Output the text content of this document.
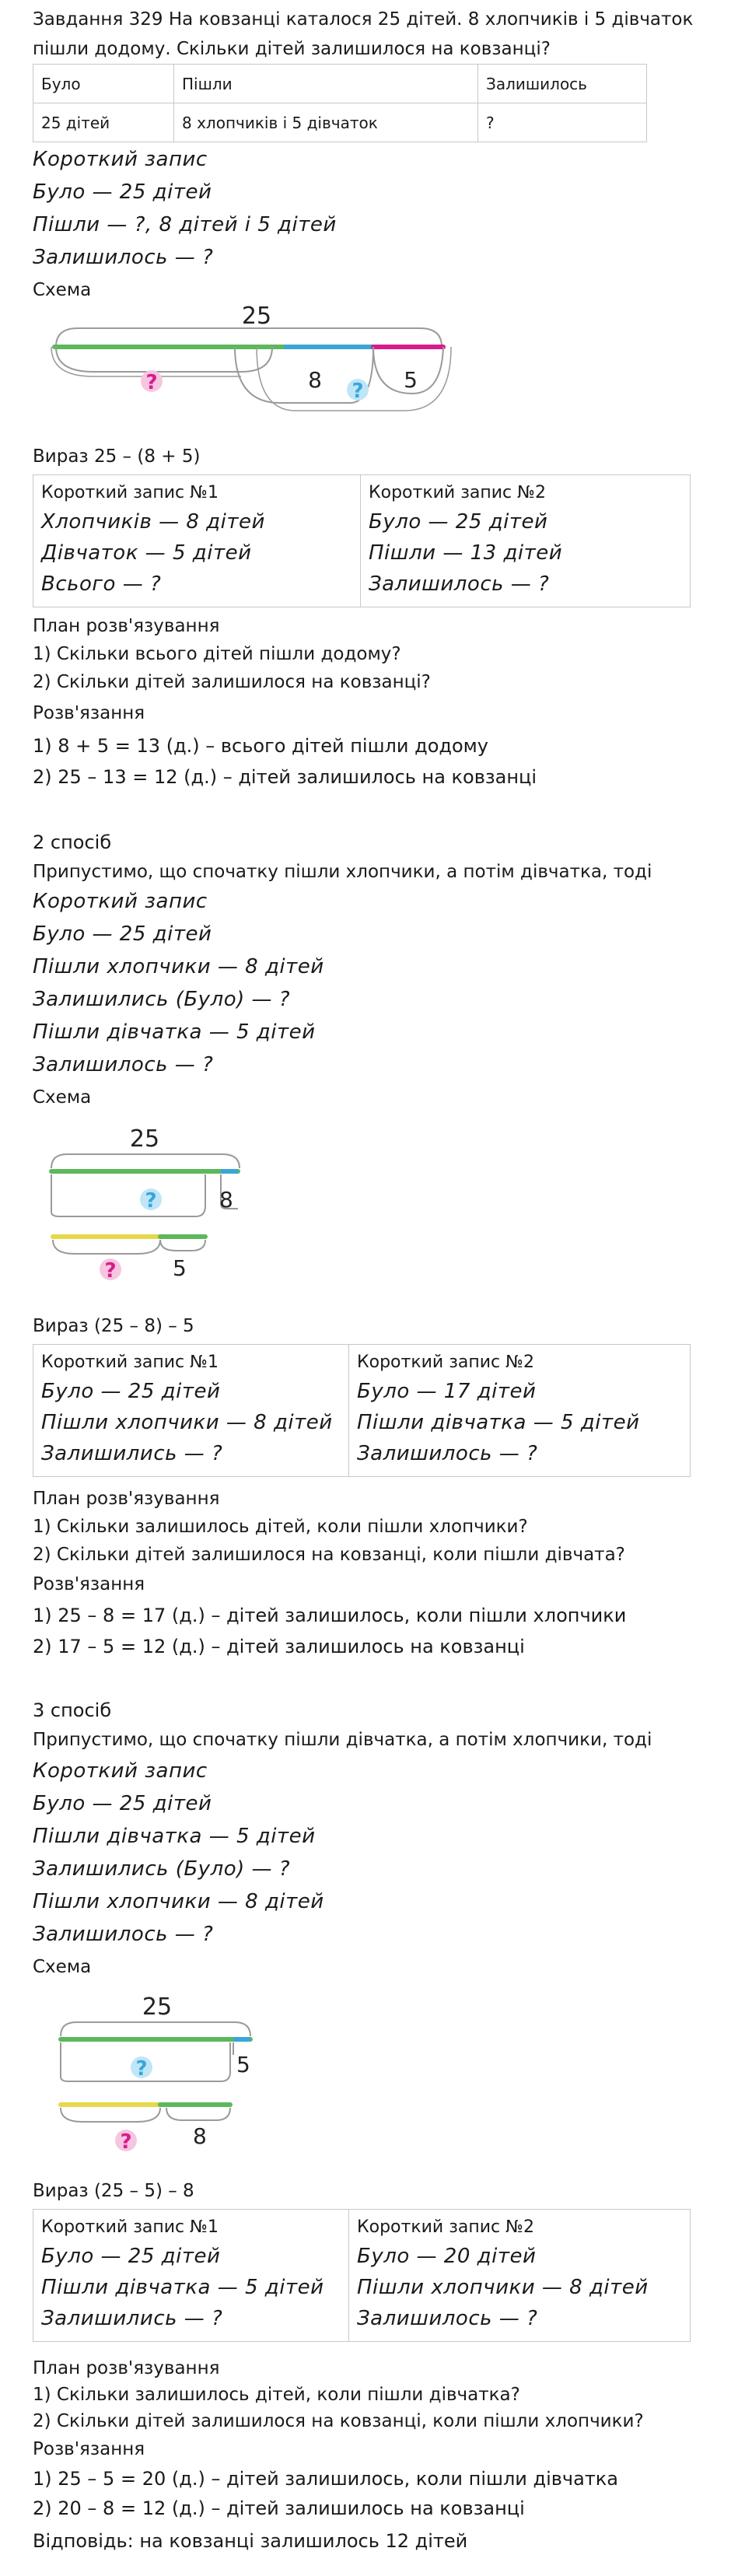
Завдання 329 На ковзанці каталося 25 дітей. 8 хлопчиків і 5 дівчаток пішли додому. Скільки дітей залишилося на ковзанці?
Було	Пішли	Залишилось
25 дітей	8 хлопчиків і 5 дівчаток	?
Короткий запис
Було — 25 дітей
Пішли — ?, 8 дітей і 5 дітей
Залишилось — ?
Схема
25
?	8 ? 5
Вираз 25 – (8 + 5)
Короткий запис №1
Хлопчиків — 8 дітей
Дівчаток — 5 дітей
Всього — ?

Короткий запис №2
Було — 25 дітей
Пішли — 13 дітей
Залишилось — ?
План розв'язування
1) Скільки всього дітей пішли додому?
2) Скільки дітей залишилося на ковзанці?
Розв'язання
1) 8 + 5 = 13 (д.) – всього дітей пішли додому
2) 25 – 13 = 12 (д.) – дітей залишилось на ковзанці
2 спосіб
Припустимо, що спочатку пішли хлопчики, а потім дівчатка, тоді
Короткий запис
Було — 25 дітей
Пішли хлопчики — 8 дітей
Залишились (Було) — ?
Пішли дівчатка — 5 дітей
Залишилось — ?
Схема
25
8
?
5
?
Вираз (25 – 8) – 5
Короткий запис №1
Було — 25 дітей
Пішли хлопчики — 8 дітей
Залишились — ?

Короткий запис №2
Було — 17 дітей
Пішли дівчатка — 5 дітей
Залишилось — ?
План розв'язування
1) Скільки залишилось дітей, коли пішли хлопчики?
2) Скільки дітей залишилося на ковзанці, коли пішли дівчата?
Розв'язання
1) 25 – 8 = 17 (д.) – дітей залишилось, коли пішли хлопчики
2) 17 – 5 = 12 (д.) – дітей залишилось на ковзанці
3 спосіб
Припустимо, що спочатку пішли дівчатка, а потім хлопчики, тоді
Короткий запис
Було — 25 дітей
Пішли дівчатка — 5 дітей
Залишились (Було) — ?
Пішли хлопчики — 8 дітей
Залишилось — ?
Схема
25
5
?
8
?
Вираз (25 – 5) – 8
Короткий запис №1
Було — 25 дітей
Пішли дівчатка — 5 дітей
Залишились — ?

Короткий запис №2
Було — 20 дітей
Пішли хлопчики — 8 дітей
Залишилось — ?
План розв'язування
1) Скільки залишилось дітей, коли пішли дівчатка?
2) Скільки дітей залишилося на ковзанці, коли пішли хлопчики?
Розв'язання
1) 25 – 5 = 20 (д.) – дітей залишилось, коли пішли дівчатка
2) 20 – 8 = 12 (д.) – дітей залишилось на ковзанці
Відповідь: на ковзанці залишилось 12 дітей
